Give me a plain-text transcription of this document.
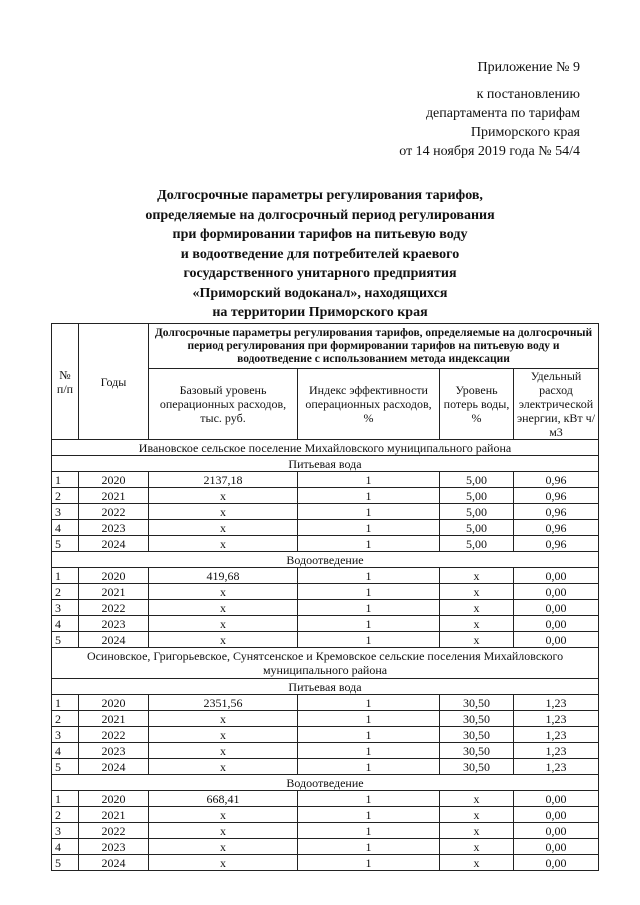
Приложение № 9
к постановлению
департамента по тарифам
Приморского края
от 14 ноября 2019 года № 54/4
Долгосрочные параметры регулирования тарифов,
определяемые на долгосрочный период регулирования
при формировании тарифов на питьевую воду
и водоотведение для потребителей краевого
государственного унитарного предприятия
«Приморский водоканал», находящихся
на территории Приморского края
№ п/п	Годы	Долгосрочные параметры регулирования тарифов, определяемые на долгосрочный период регулирования при формировании тарифов на питьевую воду и водоотведение с использованием метода индексации			
		Базовый уровень операционных расходов, тыс. руб.	Индекс эффективности операционных расходов, %	Уровень потерь воды, %	Удельный расход электрической энергии, кВт ч/м3
Ивановское сельское поселение Михайловского муниципального района					
Питьевая вода					
1	2020	2137,18	1	5,00	0,96
2	2021	х	1	5,00	0,96
3	2022	х	1	5,00	0,96
4	2023	х	1	5,00	0,96
5	2024	х	1	5,00	0,96
Водоотведение					
1	2020	419,68	1	х	0,00
2	2021	х	1	х	0,00
3	2022	х	1	х	0,00
4	2023	х	1	х	0,00
5	2024	х	1	х	0,00
Осиновское, Григорьевское, Сунятсенское и Кремовское сельские поселения Михайловского муниципального района					
Питьевая вода					
1	2020	2351,56	1	30,50	1,23
2	2021	х	1	30,50	1,23
3	2022	х	1	30,50	1,23
4	2023	х	1	30,50	1,23
5	2024	х	1	30,50	1,23
Водоотведение					
1	2020	668,41	1	х	0,00
2	2021	х	1	х	0,00
3	2022	х	1	х	0,00
4	2023	х	1	х	0,00
5	2024	х	1	х	0,00
